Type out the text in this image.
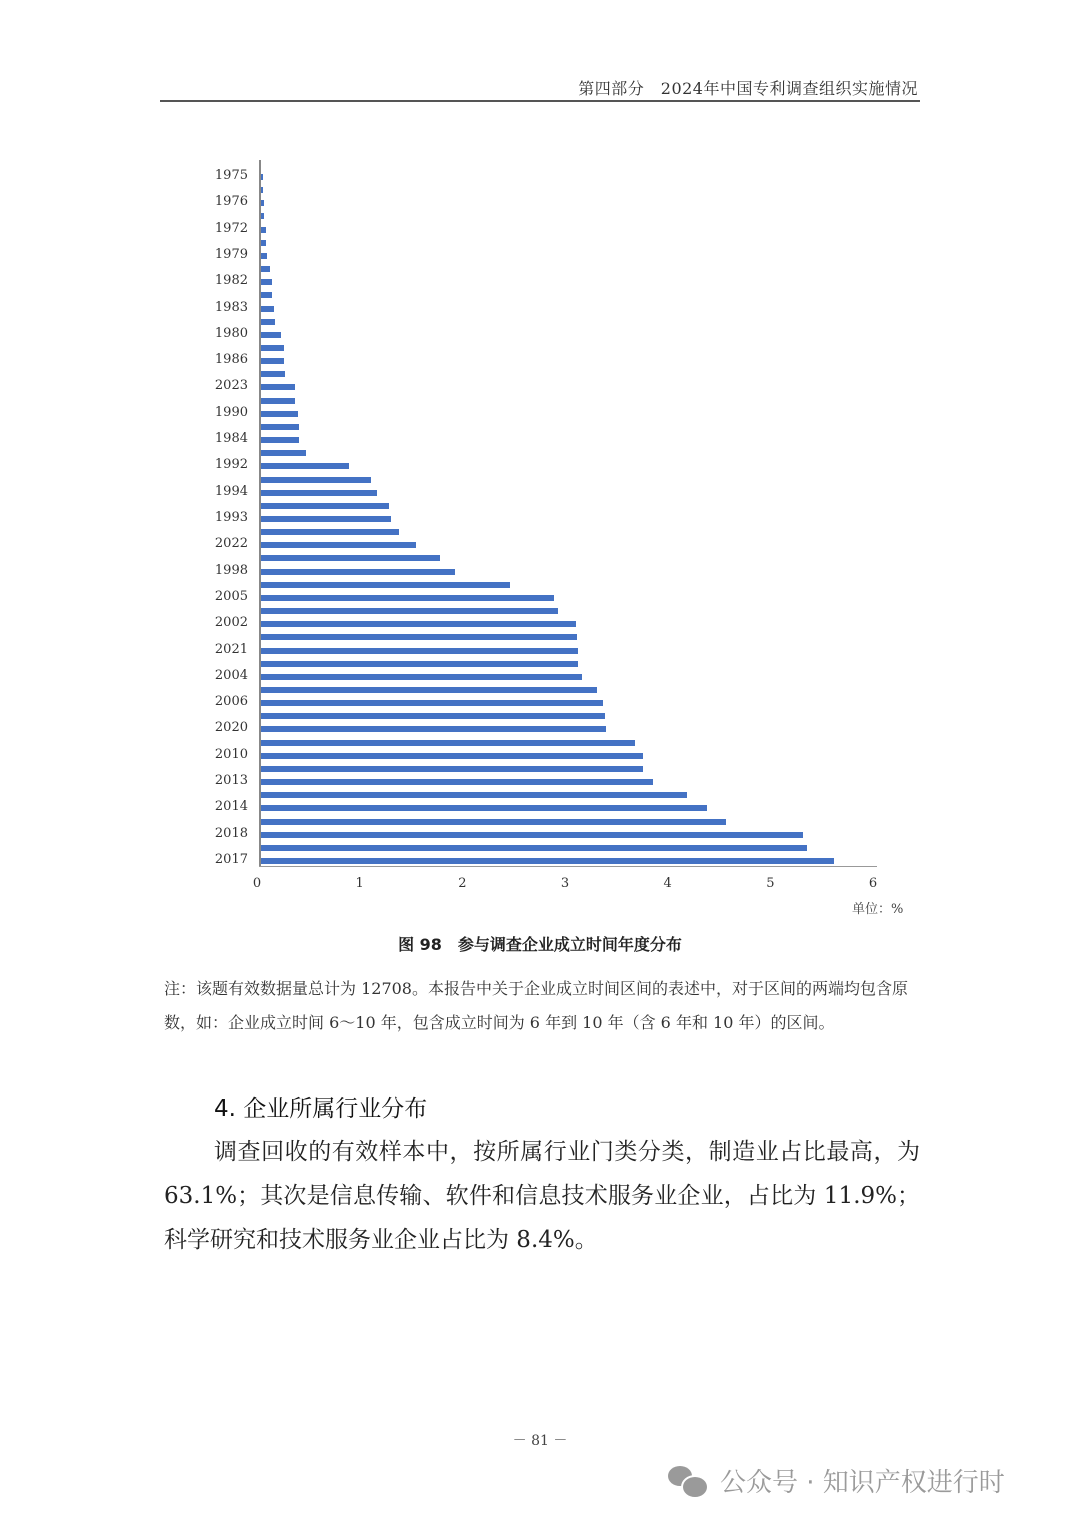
第四部分　2024年中国专利调查组织实施情况
1975
1976
1972
1979
1982
1983
1980
1986
2023
1990
1984
1992
1994
1993
2022
1998
2005
2002
2021
2004
2006
2020
2010
2013
2014
2018
2017
0	1	2	3	4	5	6
单位：%
图 98　参与调查企业成立时间年度分布
注：该题有效数据量总计为 12708。本报告中关于企业成立时间区间的表述中，对于区间的两端均包含原数，如：企业成立时间 6～10 年，包含成立时间为 6 年到 10 年（含 6 年和 10 年）的区间。
4. 企业所属行业分布
调查回收的有效样本中，按所属行业门类分类，制造业占比最高，为 63.1%；其次是信息传输、软件和信息技术服务业企业，占比为 11.9%；科学研究和技术服务业企业占比为 8.4%。
－ 81 －
公众号 · 知识产权进行时
